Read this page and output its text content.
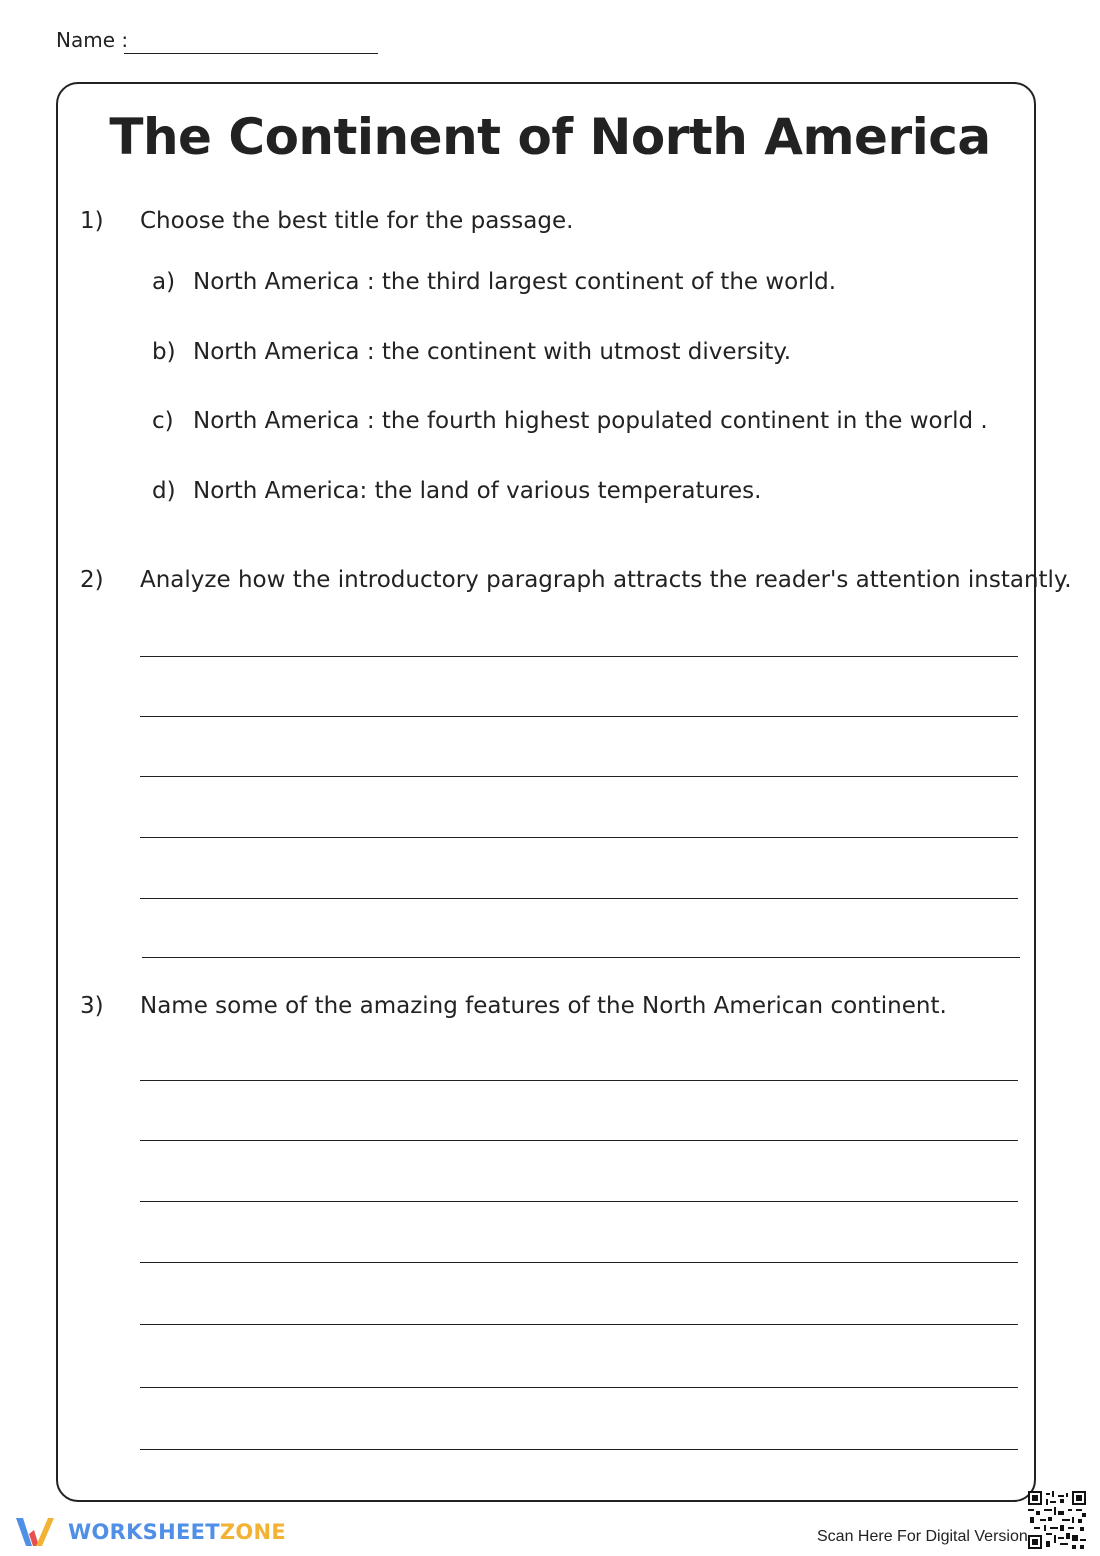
Name :
The Continent of North America
1) Choose the best title for the passage.
a) North America : the third largest continent of the world.
b) North America : the continent with utmost diversity.
c) North America : the fourth highest populated continent in the world .
d) North America: the land of various temperatures.
2) Analyze how the introductory paragraph attracts the reader's attention instantly.
3) Name some of the amazing features of the North American continent.
WORKSHEETZONE	Scan Here For Digital Version
